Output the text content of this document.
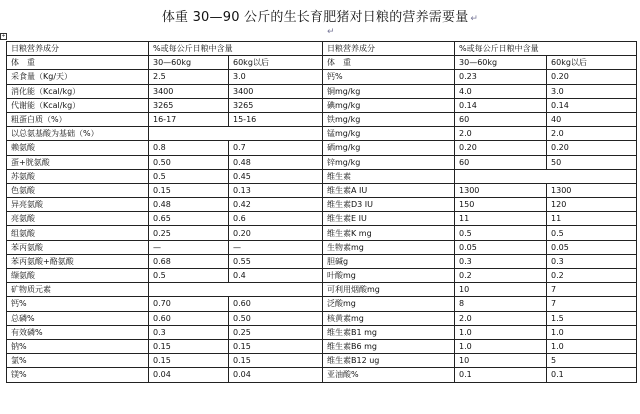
体重 30—90 公斤的生长育肥猪对日粮的营养需要量 ↵
↵
+
日粮营养成分	%或每公斤日粮中含量		日粮营养成分	%或每公斤日粮中含量	
体　重	30—60kg	60kg以后	体　重	30—60kg	60kg以后
采食量（Kg/天）	2.5	3.0	钙%	0.23	0.20
消化能（Kcal/kg）	3400	3400	铜mg/kg	4.0	3.0
代谢能（Kcal/kg）	3265	3265	碘mg/kg	0.14	0.14
粗蛋白质（%）	16-17	15-16	铁mg/kg	60	40
以总氨基酸为基础（%）			锰mg/kg	2.0	2.0
赖氨酸	0.8	0.7	硒mg/kg	0.20	0.20
蛋+胱氨酸	0.50	0.48	锌mg/kg	60	50
苏氨酸	0.5	0.45	维生素		
色氨酸	0.15	0.13	维生素A IU	1300	1300
异亮氨酸	0.48	0.42	维生素D3 IU	150	120
亮氨酸	0.65	0.6	维生素E IU	11	11
组氨酸	0.25	0.20	维生素K mg	0.5	0.5
苯丙氨酸	—	—	生物素mg	0.05	0.05
苯丙氨酸+酪氨酸	0.68	0.55	胆碱g	0.3	0.3
缬氨酸	0.5	0.4	叶酸mg	0.2	0.2
矿物质元素			可利用烟酸mg	10	7
钙%	0.70	0.60	泛酸mg	8	7
总磷%	0.60	0.50	核黄素mg	2.0	1.5
有效磷%	0.3	0.25	维生素B1 mg	1.0	1.0
钠%	0.15	0.15	维生素B6 mg	1.0	1.0
氯%	0.15	0.15	维生素B12 ug	10	5
镁%	0.04	0.04	亚油酸%	0.1	0.1
